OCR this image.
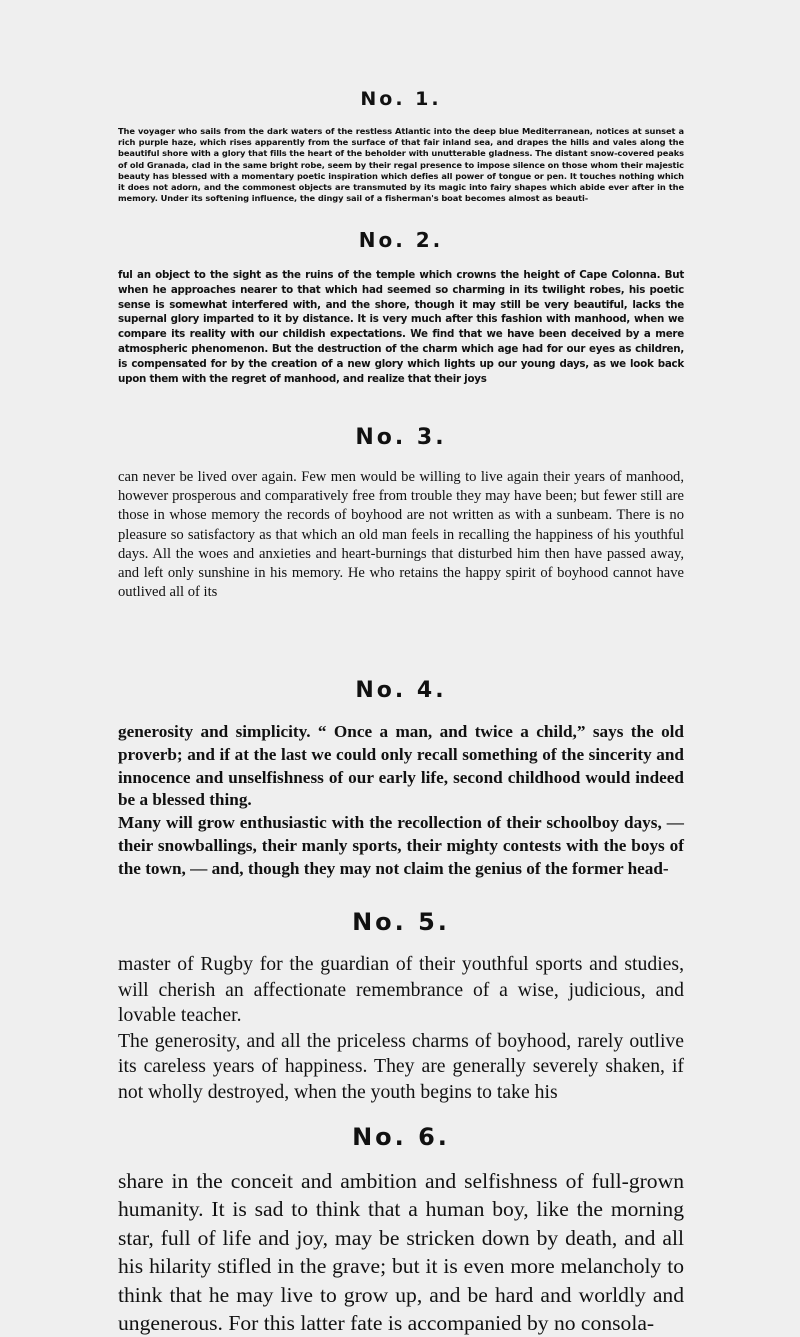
No. 1.

The voyager who sails from the dark waters of the restless Atlantic into the deep blue Mediterranean, notices at sunset a rich purple haze, which rises apparently from the surface of that fair inland sea, and drapes the hills and vales along the beautiful shore with a glory that fills the heart of the beholder with unutterable gladness. The distant snow-covered peaks of old Granada, clad in the same bright robe, seem by their regal presence to impose silence on those whom their majestic beauty has blessed with a momentary poetic inspiration which defies all power of tongue or pen. It touches nothing which it does not adorn, and the commonest objects are transmuted by its magic into fairy shapes which abide ever after in the memory. Under its softening influence, the dingy sail of a fisherman's boat becomes almost as beauti-

No. 2.

ful an object to the sight as the ruins of the temple which crowns the height of Cape Colonna. But when he approaches nearer to that which had seemed so charming in its twilight robes, his poetic sense is somewhat interfered with, and the shore, though it may still be very beautiful, lacks the supernal glory imparted to it by distance. It is very much after this fashion with manhood, when we compare its reality with our childish expectations. We find that we have been deceived by a mere atmospheric phenomenon. But the destruction of the charm which age had for our eyes as children, is compensated for by the creation of a new glory which lights up our young days, as we look back upon them with the regret of manhood, and realize that their joys

No. 3.

can never be lived over again. Few men would be willing to live again their years of manhood, however prosperous and comparatively free from trouble they may have been; but fewer still are those in whose memory the records of boyhood are not written as with a sunbeam. There is no pleasure so satisfactory as that which an old man feels in recalling the happiness of his youthful days. All the woes and anxieties and heart-burnings that disturbed him then have passed away, and left only sunshine in his memory. He who retains the happy spirit of boyhood cannot have outlived all of its

No. 4.

generosity and simplicity. “ Once a man, and twice a child,” says the old proverb; and if at the last we could only recall something of the sincerity and innocence and unselfishness of our early life, second childhood would indeed be a blessed thing.

Many will grow enthusiastic with the recollection of their schoolboy days, — their snowballings, their manly sports, their mighty contests with the boys of the town, — and, though they may not claim the genius of the former head-

No. 5.

master of Rugby for the guardian of their youthful sports and studies, will cherish an affectionate remembrance of a wise, judicious, and lovable teacher.

The generosity, and all the priceless charms of boyhood, rarely outlive its careless years of happiness. They are generally severely shaken, if not wholly destroyed, when the youth begins to take his

No. 6.

share in the conceit and ambition and selfishness of full-grown humanity. It is sad to think that a human boy, like the morning star, full of life and joy, may be stricken down by death, and all his hilarity stifled in the grave; but it is even more melancholy to think that he may live to grow up, and be hard and worldly and ungenerous. For this latter fate is accompanied by no consola-
